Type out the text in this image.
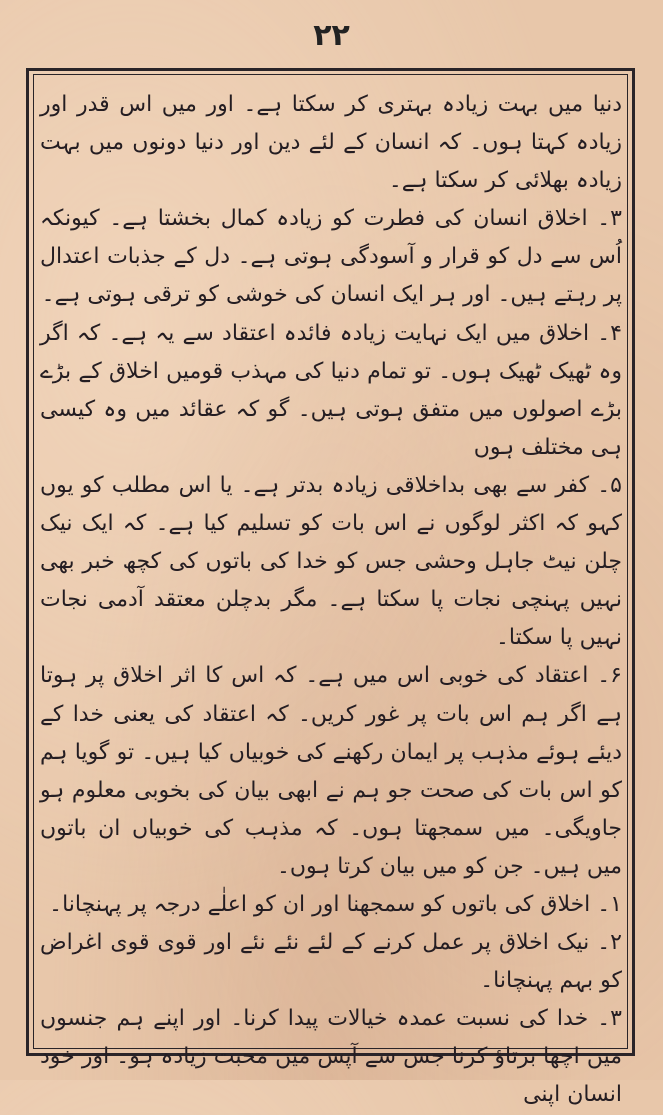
۲۲

دنیا میں بہت زیادہ بہتری کر سکتا ہے۔ اور میں اس قدر اور زیادہ کہتا ہوں۔ کہ انسان کے لئے دین اور دنیا دونوں میں بہت زیادہ بھلائی کر سکتا ہے۔

۳۔ اخلاق انسان کی فطرت کو زیادہ کمال بخشتا ہے۔ کیونکہ اُس سے دل کو قرار و آسودگی ہوتی ہے۔ دل کے جذبات اعتدال پر رہتے ہیں۔ اور ہر ایک انسان کی خوشی کو ترقی ہوتی ہے۔

۴۔ اخلاق میں ایک نہایت زیادہ فائدہ اعتقاد سے یہ ہے۔ کہ اگر وہ ٹھیک ٹھیک ہوں۔ تو تمام دنیا کی مہذب قومیں اخلاق کے بڑے بڑے اصولوں میں متفق ہوتی ہیں۔ گو کہ عقائد میں وہ کیسی ہی مختلف ہوں

۵۔ کفر سے بھی بداخلاقی زیادہ بدتر ہے۔ یا اس مطلب کو یوں کہو کہ اکثر لوگوں نے اس بات کو تسلیم کیا ہے۔ کہ ایک نیک چلن نیٹ جاہل وحشی جس کو خدا کی باتوں کی کچھ خبر بھی نہیں پہنچی نجات پا سکتا ہے۔ مگر بدچلن معتقد آدمی نجات نہیں پا سکتا۔

۶۔ اعتقاد کی خوبی اس میں ہے۔ کہ اس کا اثر اخلاق پر ہوتا ہے اگر ہم اس بات پر غور کریں۔ کہ اعتقاد کی یعنی خدا کے دیئے ہوئے مذہب پر ایمان رکھنے کی خوبیاں کیا ہیں۔ تو گویا ہم کو اس بات کی صحت جو ہم نے ابھی بیان کی بخوبی معلوم ہو جاویگی۔ میں سمجھتا ہوں۔ کہ مذہب کی خوبیاں ان باتوں میں ہیں۔ جن کو میں بیان کرتا ہوں۔

۱۔ اخلاق کی باتوں کو سمجھنا اور ان کو اعلٰے درجہ پر پہنچانا۔

۲۔ نیک اخلاق پر عمل کرنے کے لئے نئے نئے اور قوی قوی اغراض کو بہم پہنچانا۔

۳۔ خدا کی نسبت عمدہ خیالات پیدا کرنا۔ اور اپنے ہم جنسوں میں اچھا برتاؤ کرنا جس سے آپس میں محبت زیادہ ہو۔ اور خود انسان اپنی
